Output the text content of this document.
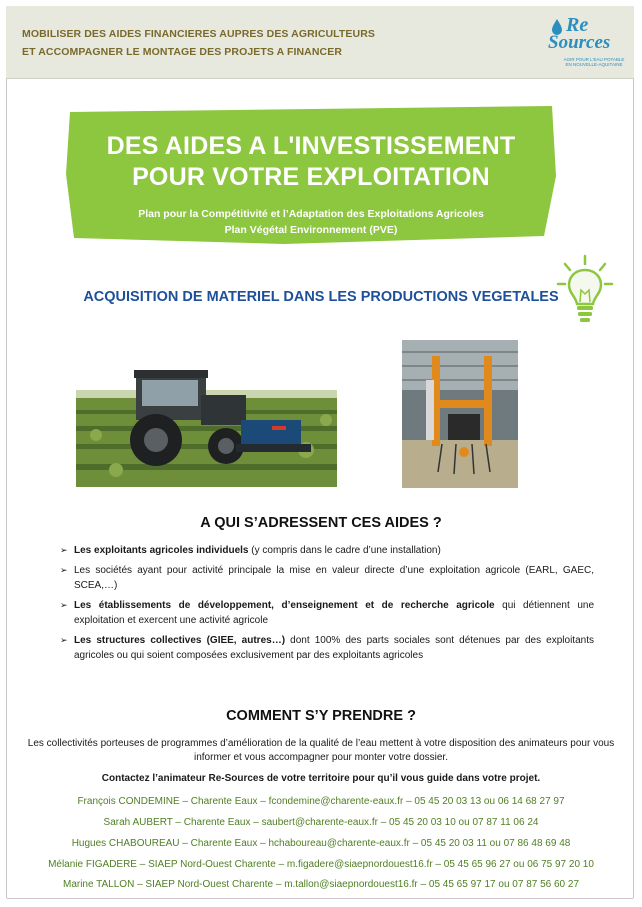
MOBILISER DES AIDES FINANCIERES AUPRES DES AGRICULTEURS
ET ACCOMPAGNER LE MONTAGE DES PROJETS A FINANCER
Re
Sources
AGIR POUR L'EAU POTABLE EN NOUVELLE-AQUITAINE
DES AIDES A L'INVESTISSEMENT
POUR VOTRE EXPLOITATION
Plan pour la Compétitivité et l’Adaptation des Exploitations Agricoles
Plan Végétal Environnement (PVE)
ACQUISITION DE MATERIEL DANS LES PRODUCTIONS VEGETALES
A QUI S’ADRESSENT CES AIDES ?
➢ Les exploitants agricoles individuels (y compris dans le cadre d’une installation)
➢ Les sociétés ayant pour activité principale la mise en valeur directe d’une exploitation agricole (EARL, GAEC, SCEA,…)
➢ Les établissements de développement, d’enseignement et de recherche agricole qui détiennent une exploitation et exercent une activité agricole
➢ Les structures collectives (GIEE, autres…) dont 100% des parts sociales sont détenues par des exploitants agricoles ou qui soient composées exclusivement par des exploitants agricoles
COMMENT S’Y PRENDRE ?
Les collectivités porteuses de programmes d’amélioration de la qualité de l’eau mettent à votre disposition des animateurs pour vous informer et vous accompagner pour monter votre dossier.
Contactez l’animateur Re-Sources de votre territoire pour qu’il vous guide dans votre projet.
François CONDEMINE – Charente Eaux – fcondemine@charente-eaux.fr – 05 45 20 03 13 ou 06 14 68 27 97
Sarah AUBERT – Charente Eaux – saubert@charente-eaux.fr – 05 45 20 03 10 ou 07 87 11 06 24
Hugues CHABOUREAU – Charente Eaux – hchaboureau@charente-eaux.fr – 05 45 20 03 11 ou 07 86 48 69 48
Mélanie FIGADERE – SIAEP Nord-Ouest Charente – m.figadere@siaepnordouest16.fr – 05 45 65 96 27 ou 06 75 97 20 10
Marine TALLON – SIAEP Nord-Ouest Charente – m.tallon@siaepnordouest16.fr – 05 45 65 97 17 ou 07 87 56 60 27
